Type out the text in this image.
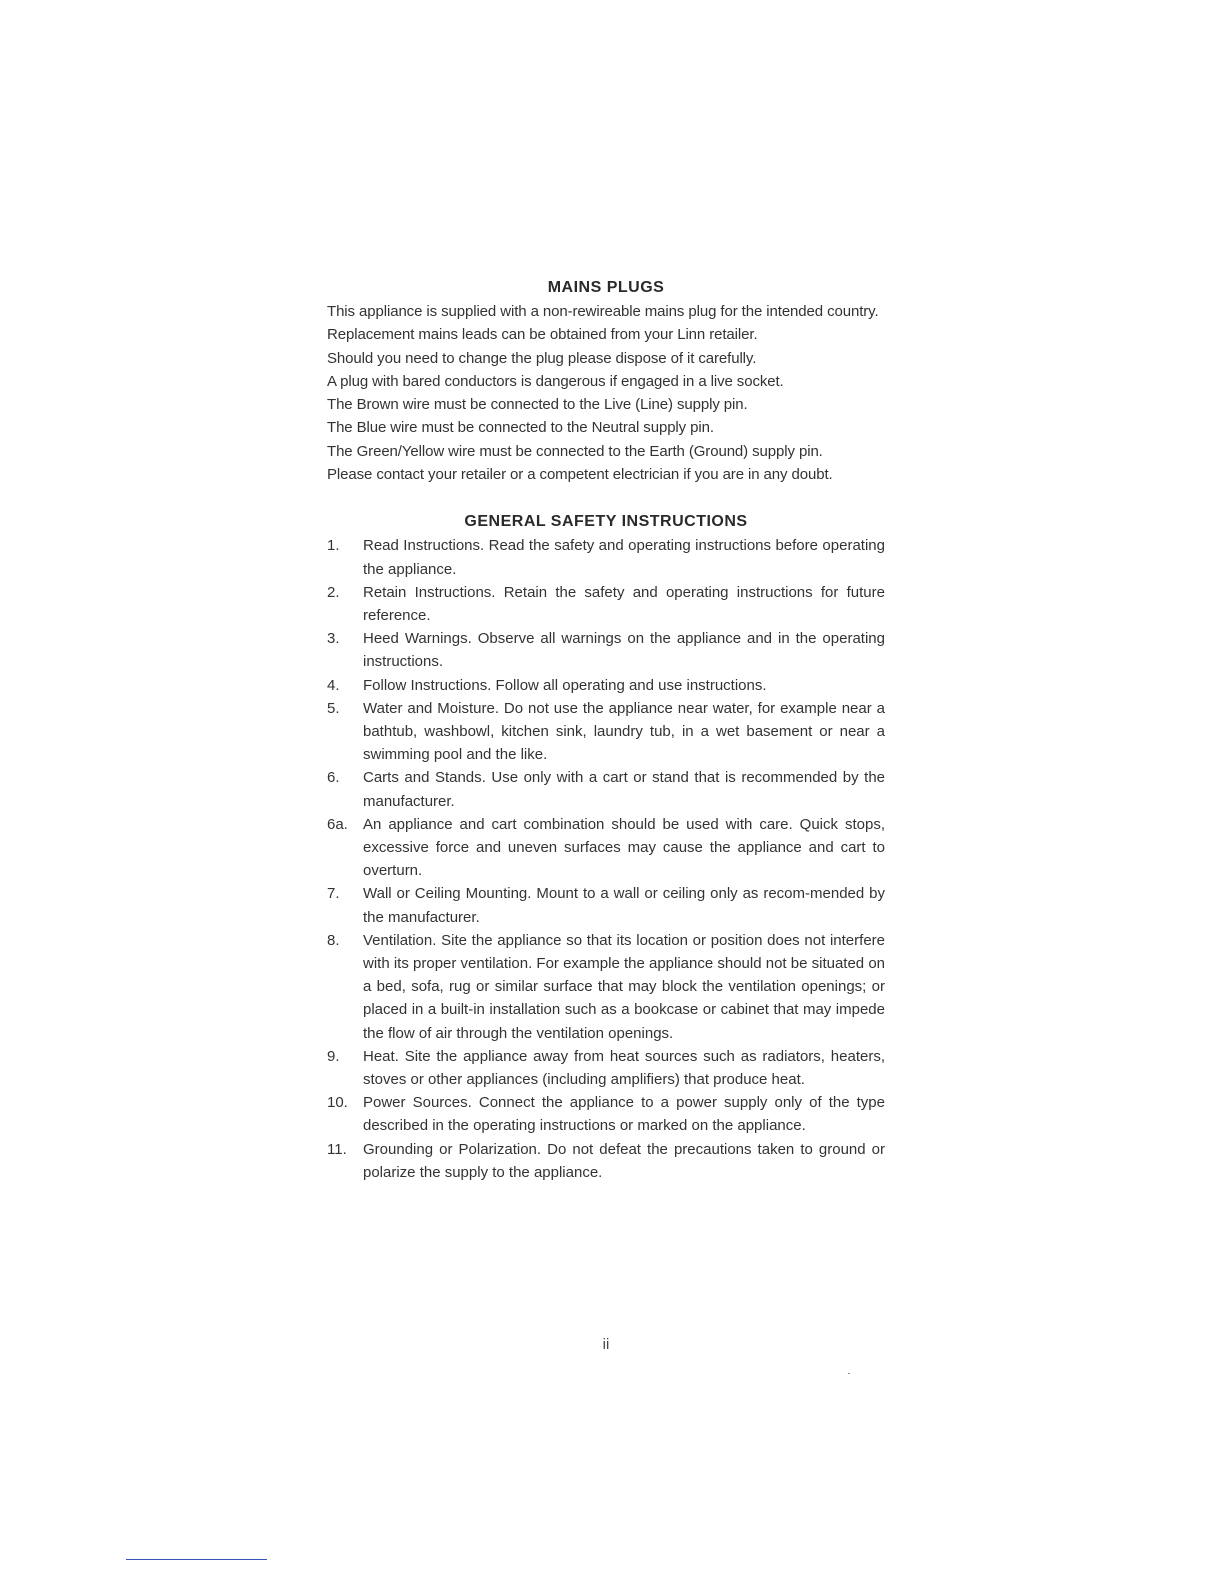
MAINS PLUGS
This appliance is supplied with a non-rewireable mains plug for the intended country.
Replacement mains leads can be obtained from your Linn retailer.
Should you need to change the plug please dispose of it carefully.
A plug with bared conductors is dangerous if engaged in a live socket.
The Brown wire must be connected to the Live (Line) supply pin.
The Blue wire must be connected to the Neutral supply pin.
The Green/Yellow wire must be connected to the Earth (Ground) supply pin.
Please contact your retailer or a competent electrician if you are in any doubt.
GENERAL SAFETY INSTRUCTIONS
1.	Read Instructions. Read the safety and operating instructions before operating the appliance.
2.	Retain Instructions. Retain the safety and operating instructions for future reference.
3.	Heed Warnings. Observe all warnings on the appliance and in the operating instructions.
4.	Follow Instructions. Follow all operating and use instructions.
5.	Water and Moisture. Do not use the appliance near water, for example near a bathtub, washbowl, kitchen sink, laundry tub, in a wet basement or near a swimming pool and the like.
6.	Carts and Stands. Use only with a cart or stand that is recommended by the manufacturer.
6a.	An appliance and cart combination should be used with care. Quick stops, excessive force and uneven surfaces may cause the appliance and cart to overturn.
7.	Wall or Ceiling Mounting. Mount to a wall or ceiling only as recom-mended by the manufacturer.
8.	Ventilation. Site the appliance so that its location or position does not interfere with its proper ventilation. For example the appliance should not be situated on a bed, sofa, rug or similar surface that may block the ventilation openings; or placed in a built-in installation such as a bookcase or cabinet that may impede the flow of air through the ventilation openings.
9.	Heat. Site the appliance away from heat sources such as radiators, heaters, stoves or other appliances (including amplifiers) that produce heat.
10.	Power Sources. Connect the appliance to a power supply only of the type described in the operating instructions or marked on the appliance.
11.	Grounding or Polarization. Do not defeat the precautions taken to ground or polarize the supply to the appliance.
ii
